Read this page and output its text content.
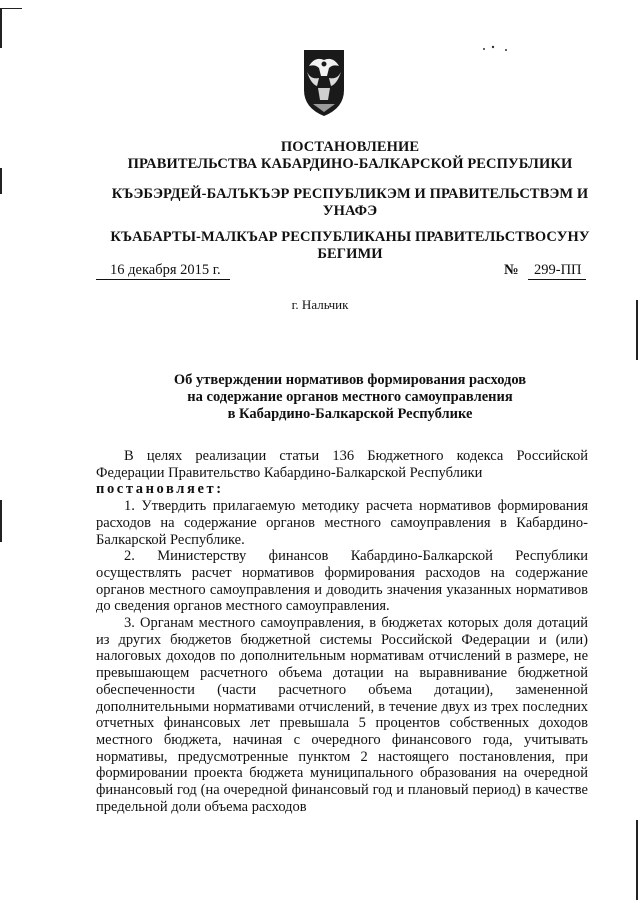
ПОСТАНОВЛЕНИЕ
ПРАВИТЕЛЬСТВА КАБАРДИНО-БАЛКАРСКОЙ РЕСПУБЛИКИ
КЪЭБЭРДЕЙ-БАЛЪКЪЭР РЕСПУБЛИКЭМ И ПРАВИТЕЛЬСТВЭМ И
УНАФЭ
КЪАБАРТЫ-МАЛКЪАР РЕСПУБЛИКАНЫ ПРАВИТЕЛЬСТВОСУНУ
БЕГИМИ
16 декабря 2015 г.	№	299-ПП
г. Нальчик
Об утверждении нормативов формирования расходов
на содержание органов местного самоуправления
в Кабардино-Балкарской Республике

В целях реализации статьи 136 Бюджетного кодекса Российской Федерации Правительство Кабардино-Балкарской Республики
постановляет:

1. Утвердить прилагаемую методику расчета нормативов формирования расходов на содержание органов местного самоуправления в Кабардино-Балкарской Республике.

2. Министерству финансов Кабардино-Балкарской Республики осуществлять расчет нормативов формирования расходов на содержание органов местного самоуправления и доводить значения указанных нормативов до сведения органов местного самоуправления.

3. Органам местного самоуправления, в бюджетах которых доля дотаций из других бюджетов бюджетной системы Российской Федерации и (или) налоговых доходов по дополнительным нормативам отчислений в размере, не превышающем расчетного объема дотации на выравнивание бюджетной обеспеченности (части расчетного объема дотации), замененной дополнительными нормативами отчислений, в течение двух из трех последних отчетных финансовых лет превышала 5 процентов собственных доходов местного бюджета, начиная с очередного финансового года, учитывать нормативы, предусмотренные пунктом 2 настоящего постановления, при формировании проекта бюджета муниципального образования на очередной финансовый год (на очередной финансовый год и плановый период) в качестве предельной доли объема расходов
